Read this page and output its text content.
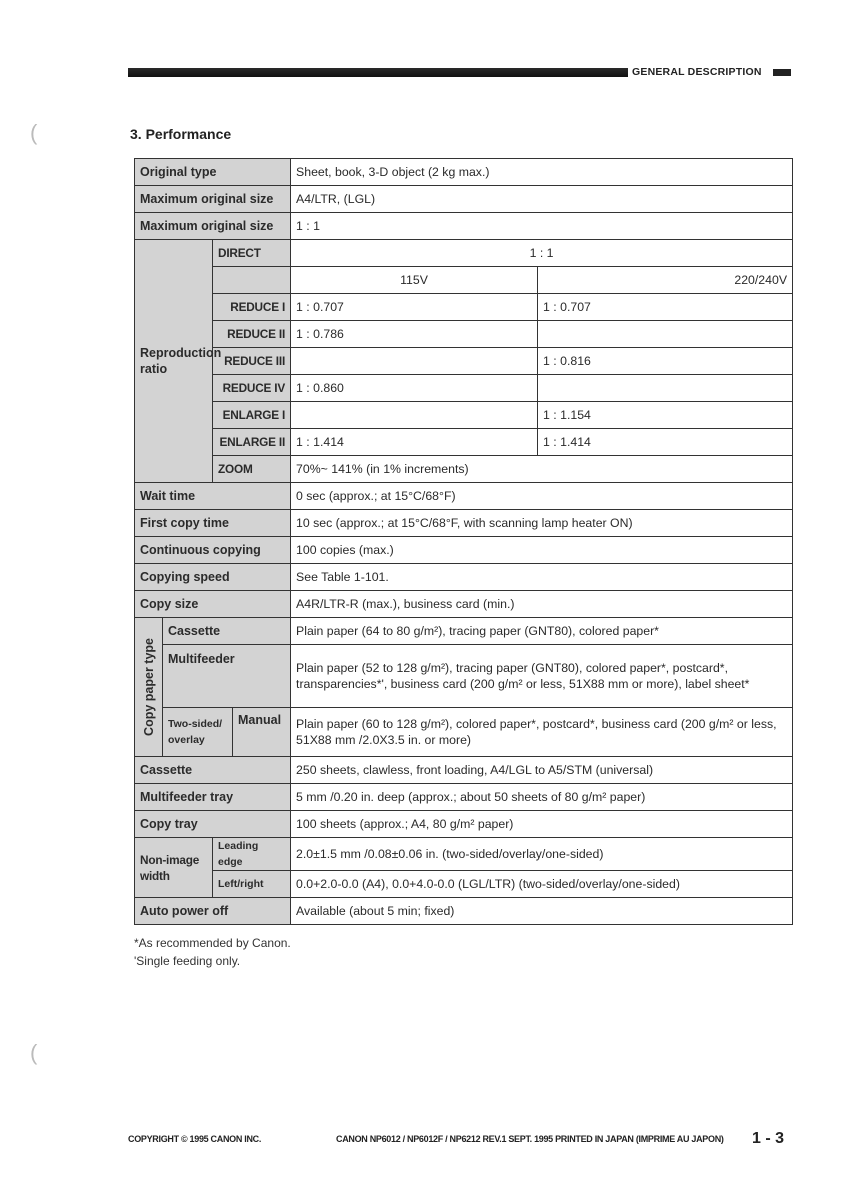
GENERAL DESCRIPTION
3. Performance
Original type				Sheet, book, 3-D object (2 kg max.)	
Maximum original size				A4/LTR, (LGL)	
Maximum original size				1 : 1	
Reproduction ratio		DIRECT		1 : 1	
				115V	220/240V
		REDUCE I		1 : 0.707	1 : 0.707
		REDUCE II		1 : 0.786	
		REDUCE III			1 : 0.816
		REDUCE IV		1 : 0.860	
		ENLARGE I			1 : 1.154
		ENLARGE II		1 : 1.414	1 : 1.414
		ZOOM		70%~ 141% (in 1% increments)	
Wait time				0 sec (approx.; at 15°C/68°F)	
First copy time				10 sec (approx.; at 15°C/68°F, with scanning lamp heater ON)	
Continuous copying				100 copies (max.)	
Copying speed				See Table 1-101.	
Copy size				A4R/LTR-R (max.), business card (min.)	

Copy paper type	Cassette			Plain paper (64 to 80 g/m²), tracing paper (GNT80), colored paper*	
	Multifeeder			Plain paper (52 to 128 g/m²), tracing paper (GNT80), colored paper*, postcard*, transparencies*', business card (200 g/m² or less, 51X88 mm or more), label sheet*	
	Two-sided/ overlay		Manual	Plain paper (60 to 128 g/m²), colored paper*, postcard*, business card (200 g/m² or less, 51X88 mm /2.0X3.5 in. or more)	
Cassette				250 sheets, clawless, front loading, A4/LGL to A5/STM (universal)	
Multifeeder tray				5 mm /0.20 in. deep (approx.; about 50 sheets of 80 g/m² paper)	
Copy tray				100 sheets (approx.; A4, 80 g/m² paper)	
Non-image width		Leading edge		2.0±1.5 mm /0.08±0.06 in. (two-sided/overlay/one-sided)	
		Left/right		0.0+2.0-0.0 (A4), 0.0+4.0-0.0 (LGL/LTR) (two-sided/overlay/one-sided)	
Auto power off				Available (about 5 min; fixed)	
*As recommended by Canon.
'Single feeding only.
COPYRIGHT © 1995 CANON INC.	CANON NP6012 / NP6012F / NP6212 REV.1 SEPT. 1995 PRINTED IN JAPAN (IMPRIME AU JAPON) 1 - 3
(
(
